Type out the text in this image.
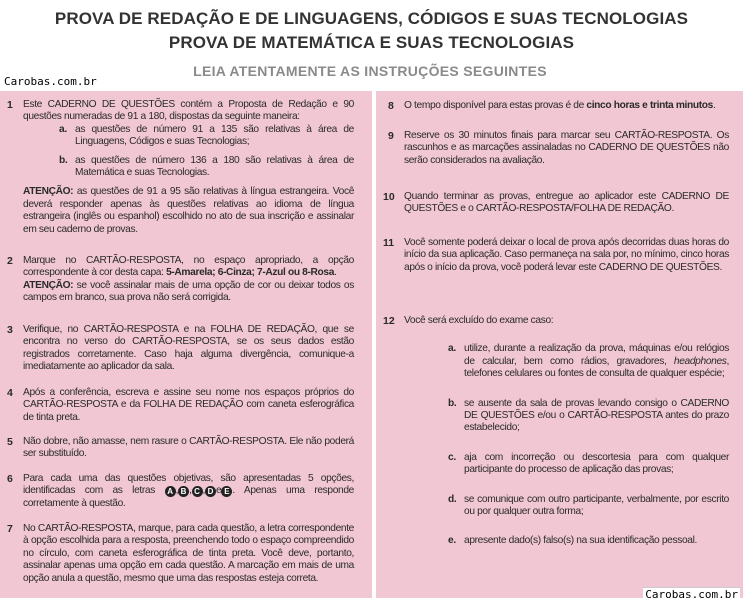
PROVA DE REDAÇÃO E DE LINGUAGENS, CÓDIGOS E SUAS TECNOLOGIAS
PROVA DE MATEMÁTICA E SUAS TECNOLOGIAS
LEIA ATENTAMENTE AS INSTRUÇÕES SEGUINTES
Carobas.com.br
1 Este CADERNO DE QUESTÕES contém a Proposta de Redação e 90 questões numeradas de 91 a 180, dispostas da seguinte maneira:
a. as questões de número 91 a 135 são relativas à área de Linguagens, Códigos e suas Tecnologias;
b. as questões de número 136 a 180 são relativas à área de Matemática e suas Tecnologias.
ATENÇÃO: as questões de 91 a 95 são relativas à língua estrangeira. Você deverá responder apenas às questões relativas ao idioma de língua estrangeira (inglês ou espanhol) escolhido no ato de sua inscrição e assinalar em seu caderno de provas.
2 Marque no CARTÃO-RESPOSTA, no espaço apropriado, a opção correspondente à cor desta capa: 5-Amarela; 6-Cinza; 7-Azul ou 8-Rosa.
ATENÇÃO: se você assinalar mais de uma opção de cor ou deixar todos os campos em branco, sua prova não será corrigida.
3 Verifique, no CARTÃO-RESPOSTA e na FOLHA DE REDAÇÃO, que se encontra no verso do CARTÃO-RESPOSTA, se os seus dados estão registrados corretamente. Caso haja alguma divergência, comunique-a imediatamente ao aplicador da sala.
4 Após a conferência, escreva e assine seu nome nos espaços próprios do CARTÃO-RESPOSTA e da FOLHA DE REDAÇÃO com caneta esferográfica de tinta preta.
5 Não dobre, não amasse, nem rasure o CARTÃO-RESPOSTA. Ele não poderá ser substituído.
6 Para cada uma das questões objetivas, são apresentadas 5 opções, identificadas com as letras A , B , C , D e E . Apenas uma responde corretamente à questão.
7 No CARTÃO-RESPOSTA, marque, para cada questão, a letra correspondente à opção escolhida para a resposta, preenchendo todo o espaço compreendido no círculo, com caneta esferográfica de tinta preta. Você deve, portanto, assinalar apenas uma opção em cada questão. A marcação em mais de uma opção anula a questão, mesmo que uma das respostas esteja correta.
8 O tempo disponível para estas provas é de cinco horas e trinta minutos.
9 Reserve os 30 minutos finais para marcar seu CARTÃO-RESPOSTA. Os rascunhos e as marcações assinaladas no CADERNO DE QUESTÕES não serão considerados na avaliação.
10 Quando terminar as provas, entregue ao aplicador este CADERNO DE QUESTÕES e o CARTÃO-RESPOSTA/FOLHA DE REDAÇÃO.
11 Você somente poderá deixar o local de prova após decorridas duas horas do início da sua aplicação. Caso permaneça na sala por, no mínimo, cinco horas após o início da prova, você poderá levar este CADERNO DE QUESTÕES.
12 Você será excluído do exame caso:
a. utilize, durante a realização da prova, máquinas e/ou relógios de calcular, bem como rádios, gravadores, headphones, telefones celulares ou fontes de consulta de qualquer espécie;
b. se ausente da sala de provas levando consigo o CADERNO DE QUESTÕES e/ou o CARTÃO-RESPOSTA antes do prazo estabelecido;
c. aja com incorreção ou descortesia para com qualquer participante do processo de aplicação das provas;
d. se comunique com outro participante, verbalmente, por escrito ou por qualquer outra forma;
e. apresente dado(s) falso(s) na sua identificação pessoal.
Carobas.com.br
